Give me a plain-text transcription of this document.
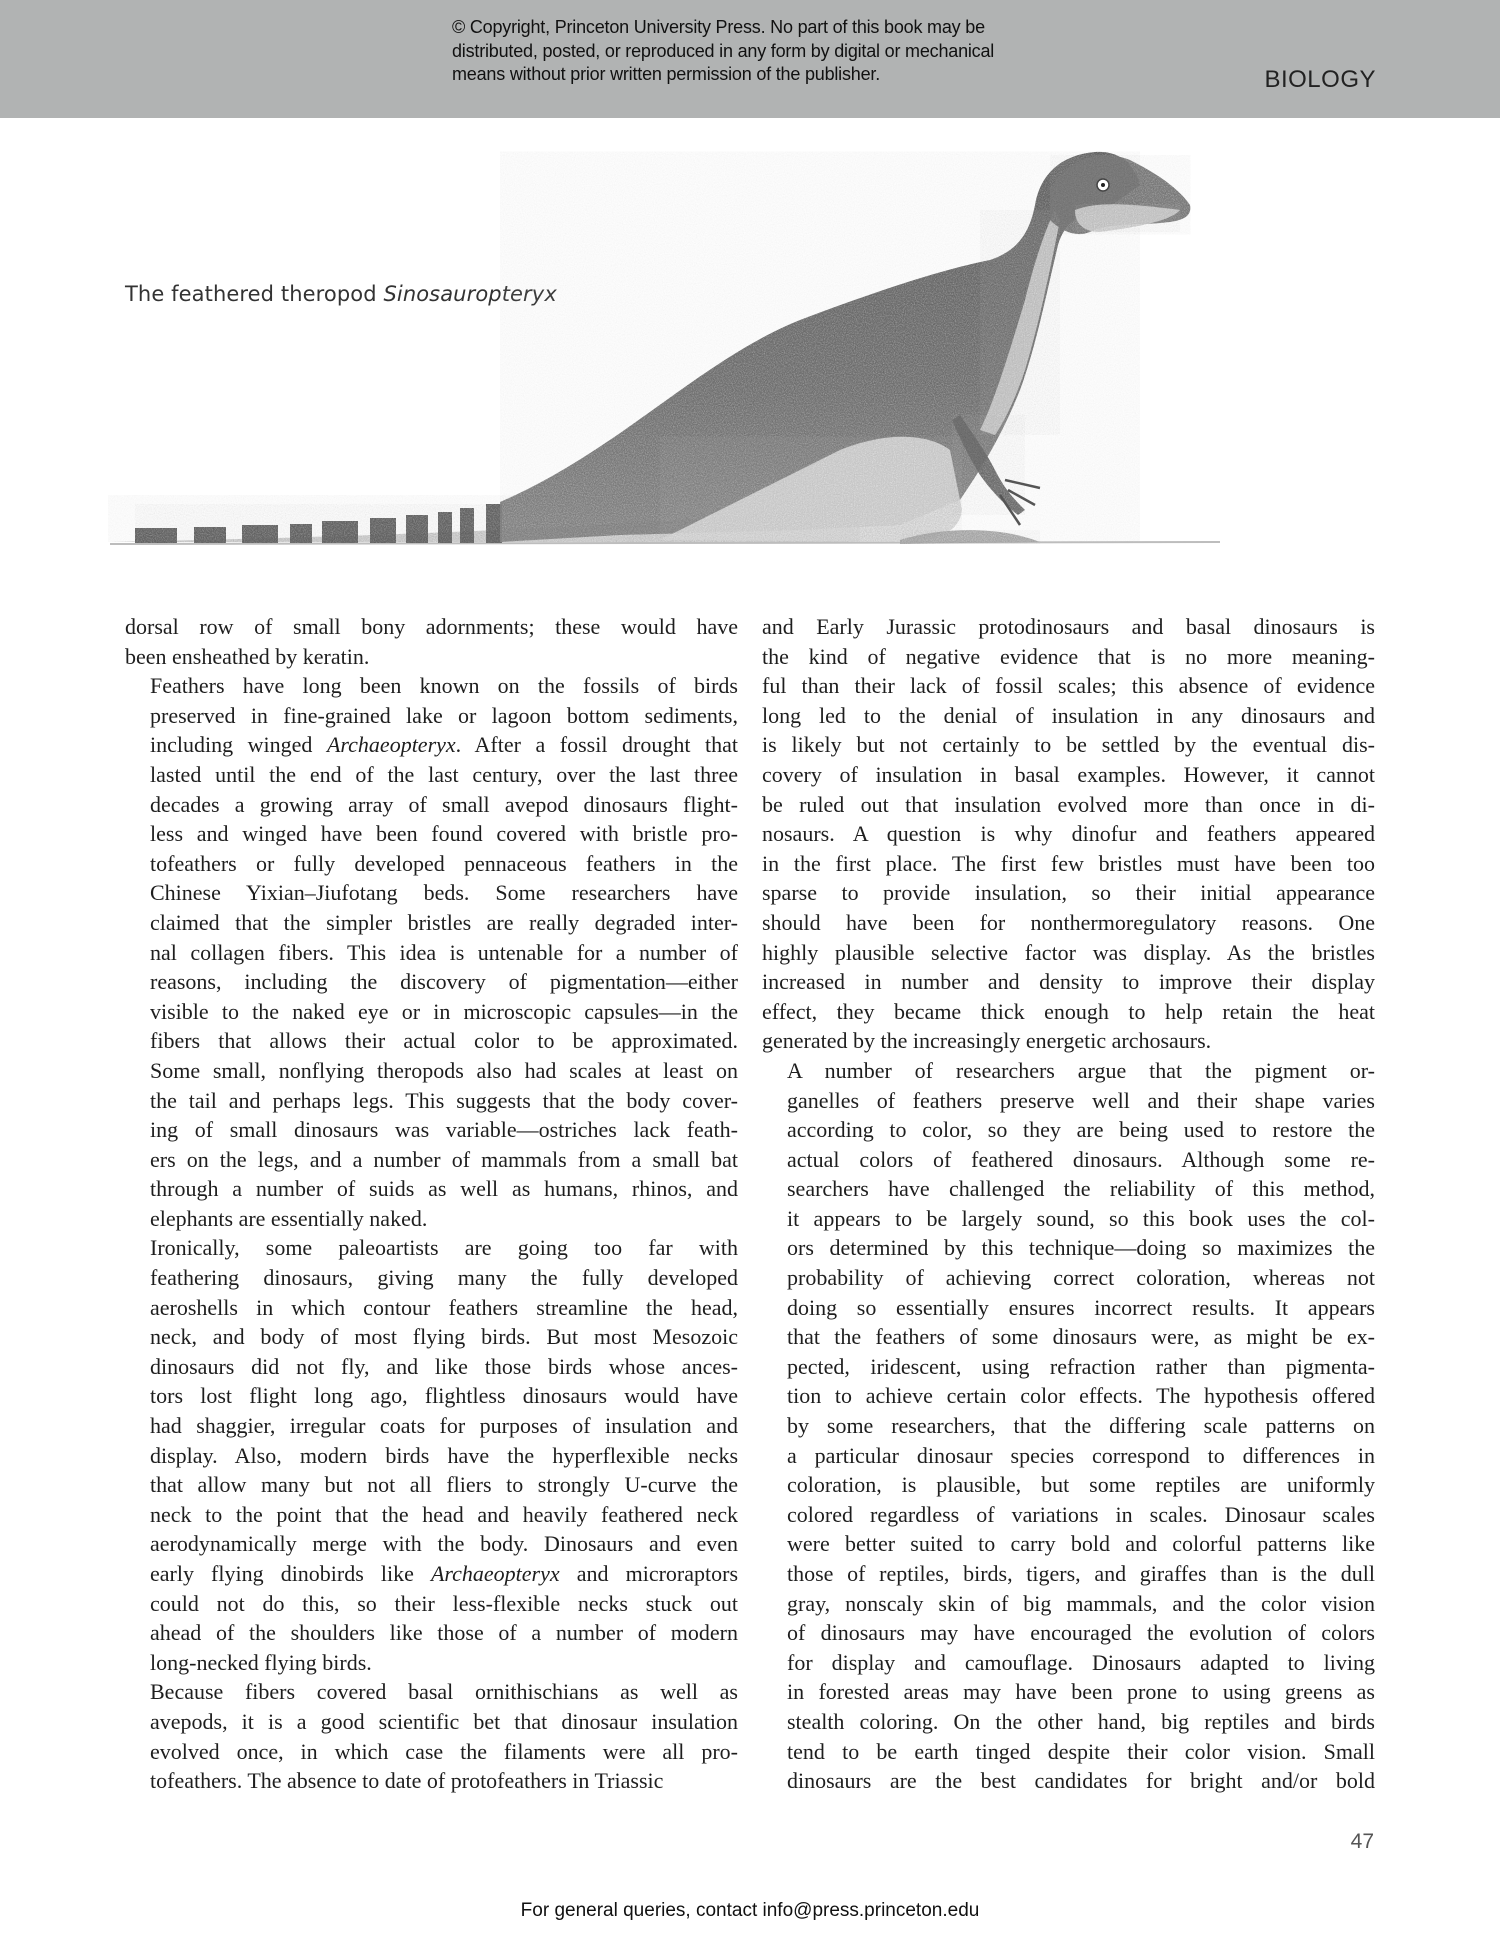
© Copyright, Princeton University Press. No part of this book may be
distributed, posted, or reproduced in any form by digital or mechanical
means without prior written permission of the publisher.	BIOLOGY
The feathered theropod Sinosauropteryx

dorsal row of small bony adornments; these would have
been ensheathed by keratin.

Feathers have long been known on the fossils of birds
preserved in fine-grained lake or lagoon bottom sediments,
including winged Archaeopteryx. After a fossil drought that
lasted until the end of the last century, over the last three
decades a growing array of small avepod dinosaurs flight-
less and winged have been found covered with bristle pro-
tofeathers or fully developed pennaceous feathers in the
Chinese Yixian–Jiufotang beds. Some researchers have
claimed that the simpler bristles are really degraded inter-
nal collagen fibers. This idea is untenable for a number of
reasons, including the discovery of pigmentation—either
visible to the naked eye or in microscopic capsules—in the
fibers that allows their actual color to be approximated.
Some small, nonflying theropods also had scales at least on
the tail and perhaps legs. This suggests that the body cover-
ing of small dinosaurs was variable—ostriches lack feath-
ers on the legs, and a number of mammals from a small bat
through a number of suids as well as humans, rhinos, and
elephants are essentially naked.

Ironically, some paleoartists are going too far with
feathering dinosaurs, giving many the fully developed
aeroshells in which contour feathers streamline the head,
neck, and body of most flying birds. But most Mesozoic
dinosaurs did not fly, and like those birds whose ances-
tors lost flight long ago, flightless dinosaurs would have
had shaggier, irregular coats for purposes of insulation and
display. Also, modern birds have the hyperflexible necks
that allow many but not all fliers to strongly U-curve the
neck to the point that the head and heavily feathered neck
aerodynamically merge with the body. Dinosaurs and even
early flying dinobirds like Archaeopteryx and microraptors
could not do this, so their less-flexible necks stuck out
ahead of the shoulders like those of a number of modern
long-necked flying birds.

Because fibers covered basal ornithischians as well as
avepods, it is a good scientific bet that dinosaur insulation
evolved once, in which case the filaments were all pro-
tofeathers. The absence to date of protofeathers in Triassic

and Early Jurassic protodinosaurs and basal dinosaurs is
the kind of negative evidence that is no more meaning-
ful than their lack of fossil scales; this absence of evidence
long led to the denial of insulation in any dinosaurs and
is likely but not certainly to be settled by the eventual dis-
covery of insulation in basal examples. However, it cannot
be ruled out that insulation evolved more than once in di-
nosaurs. A question is why dinofur and feathers appeared
in the first place. The first few bristles must have been too
sparse to provide insulation, so their initial appearance
should have been for nonthermoregulatory reasons. One
highly plausible selective factor was display. As the bristles
increased in number and density to improve their display
effect, they became thick enough to help retain the heat
generated by the increasingly energetic archosaurs.

A number of researchers argue that the pigment or-
ganelles of feathers preserve well and their shape varies
according to color, so they are being used to restore the
actual colors of feathered dinosaurs. Although some re-
searchers have challenged the reliability of this method,
it appears to be largely sound, so this book uses the col-
ors determined by this technique—doing so maximizes the
probability of achieving correct coloration, whereas not
doing so essentially ensures incorrect results. It appears
that the feathers of some dinosaurs were, as might be ex-
pected, iridescent, using refraction rather than pigmenta-
tion to achieve certain color effects. The hypothesis offered
by some researchers, that the differing scale patterns on
a particular dinosaur species correspond to differences in
coloration, is plausible, but some reptiles are uniformly
colored regardless of variations in scales. Dinosaur scales
were better suited to carry bold and colorful patterns like
those of reptiles, birds, tigers, and giraffes than is the dull
gray, nonscaly skin of big mammals, and the color vision
of dinosaurs may have encouraged the evolution of colors
for display and camouflage. Dinosaurs adapted to living
in forested areas may have been prone to using greens as
stealth coloring. On the other hand, big reptiles and birds
tend to be earth tinged despite their color vision. Small
dinosaurs are the best candidates for bright and/or bold

47
For general queries, contact info@press.princeton.edu
